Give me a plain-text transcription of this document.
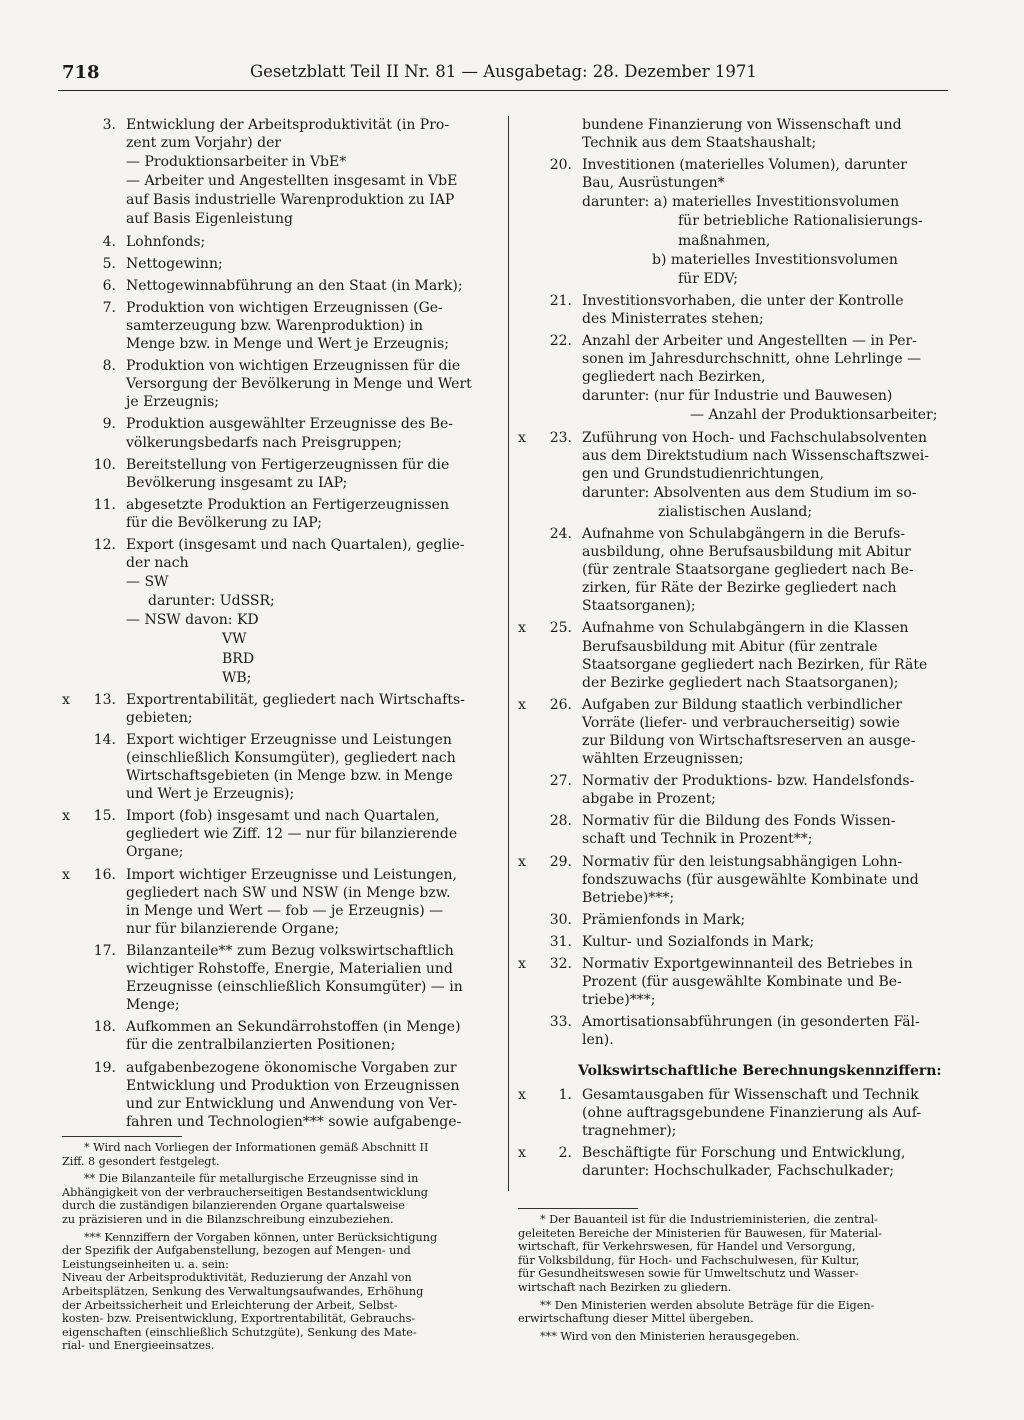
718	Gesetzblatt Teil II Nr. 81 — Ausgabetag: 28. Dezember 1971
3. Entwicklung der Arbeitsproduktivität (in Pro-
zent zum Vorjahr) der
— Produktionsarbeiter in VbE*
— Arbeiter und Angestellten insgesamt in VbE
auf Basis industrielle Warenproduktion zu IAP
auf Basis Eigenleistung
4. Lohnfonds;
5. Nettogewinn;
6. Nettogewinnabführung an den Staat (in Mark);
7. Produktion von wichtigen Erzeugnissen (Ge-
samterzeugung bzw. Warenproduktion) in
Menge bzw. in Menge und Wert je Erzeugnis;
8. Produktion von wichtigen Erzeugnissen für die
Versorgung der Bevölkerung in Menge und Wert
je Erzeugnis;
9. Produktion ausgewählter Erzeugnisse des Be-
völkerungsbedarfs nach Preisgruppen;
10. Bereitstellung von Fertigerzeugnissen für die
Bevölkerung insgesamt zu IAP;
11. abgesetzte Produktion an Fertigerzeugnissen
für die Bevölkerung zu IAP;
12. Export (insgesamt und nach Quartalen), geglie-
der nach
— SW
darunter: UdSSR;
— NSW davon: KD
VW
BRD
WB;
x	13. Exportrentabilität, gegliedert nach Wirtschafts-
gebieten;
14. Export wichtiger Erzeugnisse und Leistungen
(einschließlich Konsumgüter), gegliedert nach
Wirtschaftsgebieten (in Menge bzw. in Menge
und Wert je Erzeugnis);
x	15. Import (fob) insgesamt und nach Quartalen,
gegliedert wie Ziff. 12 — nur für bilanzierende
Organe;
x	16. Import wichtiger Erzeugnisse und Leistungen,
gegliedert nach SW und NSW (in Menge bzw.
in Menge und Wert — fob — je Erzeugnis) —
nur für bilanzierende Organe;
17. Bilanzanteile** zum Bezug volkswirtschaftlich
wichtiger Rohstoffe, Energie, Materialien und
Erzeugnisse (einschließlich Konsumgüter) — in
Menge;
18. Aufkommen an Sekundärrohstoffen (in Menge)
für die zentralbilanzierten Positionen;
19. aufgabenbezogene ökonomische Vorgaben zur
Entwicklung und Produktion von Erzeugnissen
und zur Entwicklung und Anwendung von Ver-
fahren und Technologien*** sowie aufgabenge-
bundene Finanzierung von Wissenschaft und
Technik aus dem Staatshaushalt;
20. Investitionen (materielles Volumen), darunter
Bau, Ausrüstungen*
darunter: a) materielles Investitionsvolumen
für betriebliche Rationalisierungs-
maßnahmen,
b) materielles Investitionsvolumen
für EDV;
21. Investitionsvorhaben, die unter der Kontrolle
des Ministerrates stehen;
22. Anzahl der Arbeiter und Angestellten — in Per-
sonen im Jahresdurchschnitt, ohne Lehrlinge —
gegliedert nach Bezirken,
darunter: (nur für Industrie und Bauwesen)
— Anzahl der Produktionsarbeiter;
x	23. Zuführung von Hoch- und Fachschulabsolventen
aus dem Direktstudium nach Wissenschaftszwei-
gen und Grundstudienrichtungen,
darunter: Absolventen aus dem Studium im so-
zialistischen Ausland;
24. Aufnahme von Schulabgängern in die Berufs-
ausbildung, ohne Berufsausbildung mit Abitur
(für zentrale Staatsorgane gegliedert nach Be-
zirken, für Räte der Bezirke gegliedert nach
Staatsorganen);
x	25. Aufnahme von Schulabgängern in die Klassen
Berufsausbildung mit Abitur (für zentrale
Staatsorgane gegliedert nach Bezirken, für Räte
der Bezirke gegliedert nach Staatsorganen);
x	26. Aufgaben zur Bildung staatlich verbindlicher
Vorräte (liefer- und verbraucherseitig) sowie
zur Bildung von Wirtschaftsreserven an ausge-
wählten Erzeugnissen;
27. Normativ der Produktions- bzw. Handelsfonds-
abgabe in Prozent;
28. Normativ für die Bildung des Fonds Wissen-
schaft und Technik in Prozent**;
x	29. Normativ für den leistungsabhängigen Lohn-
fondszuwachs (für ausgewählte Kombinate und
Betriebe)***;
30. Prämienfonds in Mark;
31. Kultur- und Sozialfonds in Mark;
x	32. Normativ Exportgewinnanteil des Betriebes in
Prozent (für ausgewählte Kombinate und Be-
triebe)***;
33. Amortisationsabführungen (in gesonderten Fäl-
len).
Volkswirtschaftliche Berechnungskennziffern:
x	1. Gesamtausgaben für Wissenschaft und Technik
(ohne auftragsgebundene Finanzierung als Auf-
tragnehmer);
x	2. Beschäftigte für Forschung und Entwicklung,
darunter: Hochschulkader, Fachschulkader;
* Wird nach Vorliegen der Informationen gemäß Abschnitt II
Ziff. 8 gesondert festgelegt.
** Die Bilanzanteile für metallurgische Erzeugnisse sind in
Abhängigkeit von der verbraucherseitigen Bestandsentwicklung
durch die zuständigen bilanzierenden Organe quartalsweise
zu präzisieren und in die Bilanzschreibung einzubeziehen.
*** Kennziffern der Vorgaben können, unter Berücksichtigung
der Spezifik der Aufgabenstellung, bezogen auf Mengen- und
Leistungseinheiten u. a. sein:
Niveau der Arbeitsproduktivität, Reduzierung der Anzahl von
Arbeitsplätzen, Senkung des Verwaltungsaufwandes, Erhöhung
der Arbeitssicherheit und Erleichterung der Arbeit, Selbst-
kosten- bzw. Preisentwicklung, Exportrentabilität, Gebrauchs-
eigenschaften (einschließlich Schutzgüte), Senkung des Mate-
rial- und Energieeinsatzes.
* Der Bauanteil ist für die Industrieministerien, die zentral-
geleiteten Bereiche der Ministerien für Bauwesen, für Material-
wirtschaft, für Verkehrswesen, für Handel und Versorgung,
für Volksbildung, für Hoch- und Fachschulwesen, für Kultur,
für Gesundheitswesen sowie für Umweltschutz und Wasser-
wirtschaft nach Bezirken zu gliedern.
** Den Ministerien werden absolute Beträge für die Eigen-
erwirtschaftung dieser Mittel übergeben.
*** Wird von den Ministerien herausgegeben.
